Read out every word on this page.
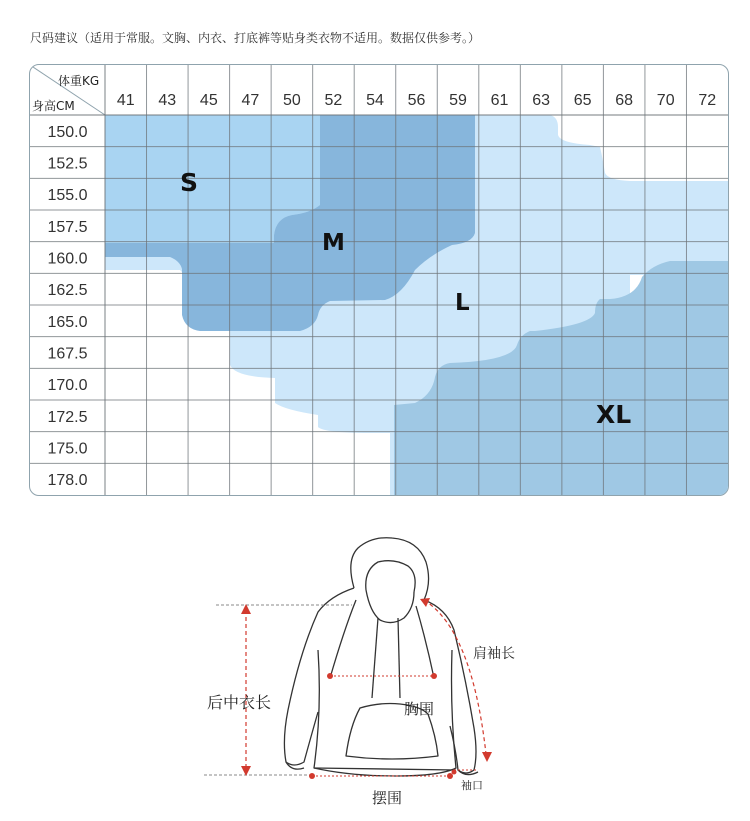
尺码建议（适用于常服。文胸、内衣、打底裤等贴身类衣物不适用。数据仅供参考。）
41 43 45 47 50 52 54 56 59 61 63 65 68 70 72
150.0
152.5
155.0
157.5
160.0
162.5
165.0
167.5
170.0
172.5
175.0
178.0
体重KG
身高CM
S
M
L
XL
后中衣长
肩袖长
胸围
摆围
袖口
